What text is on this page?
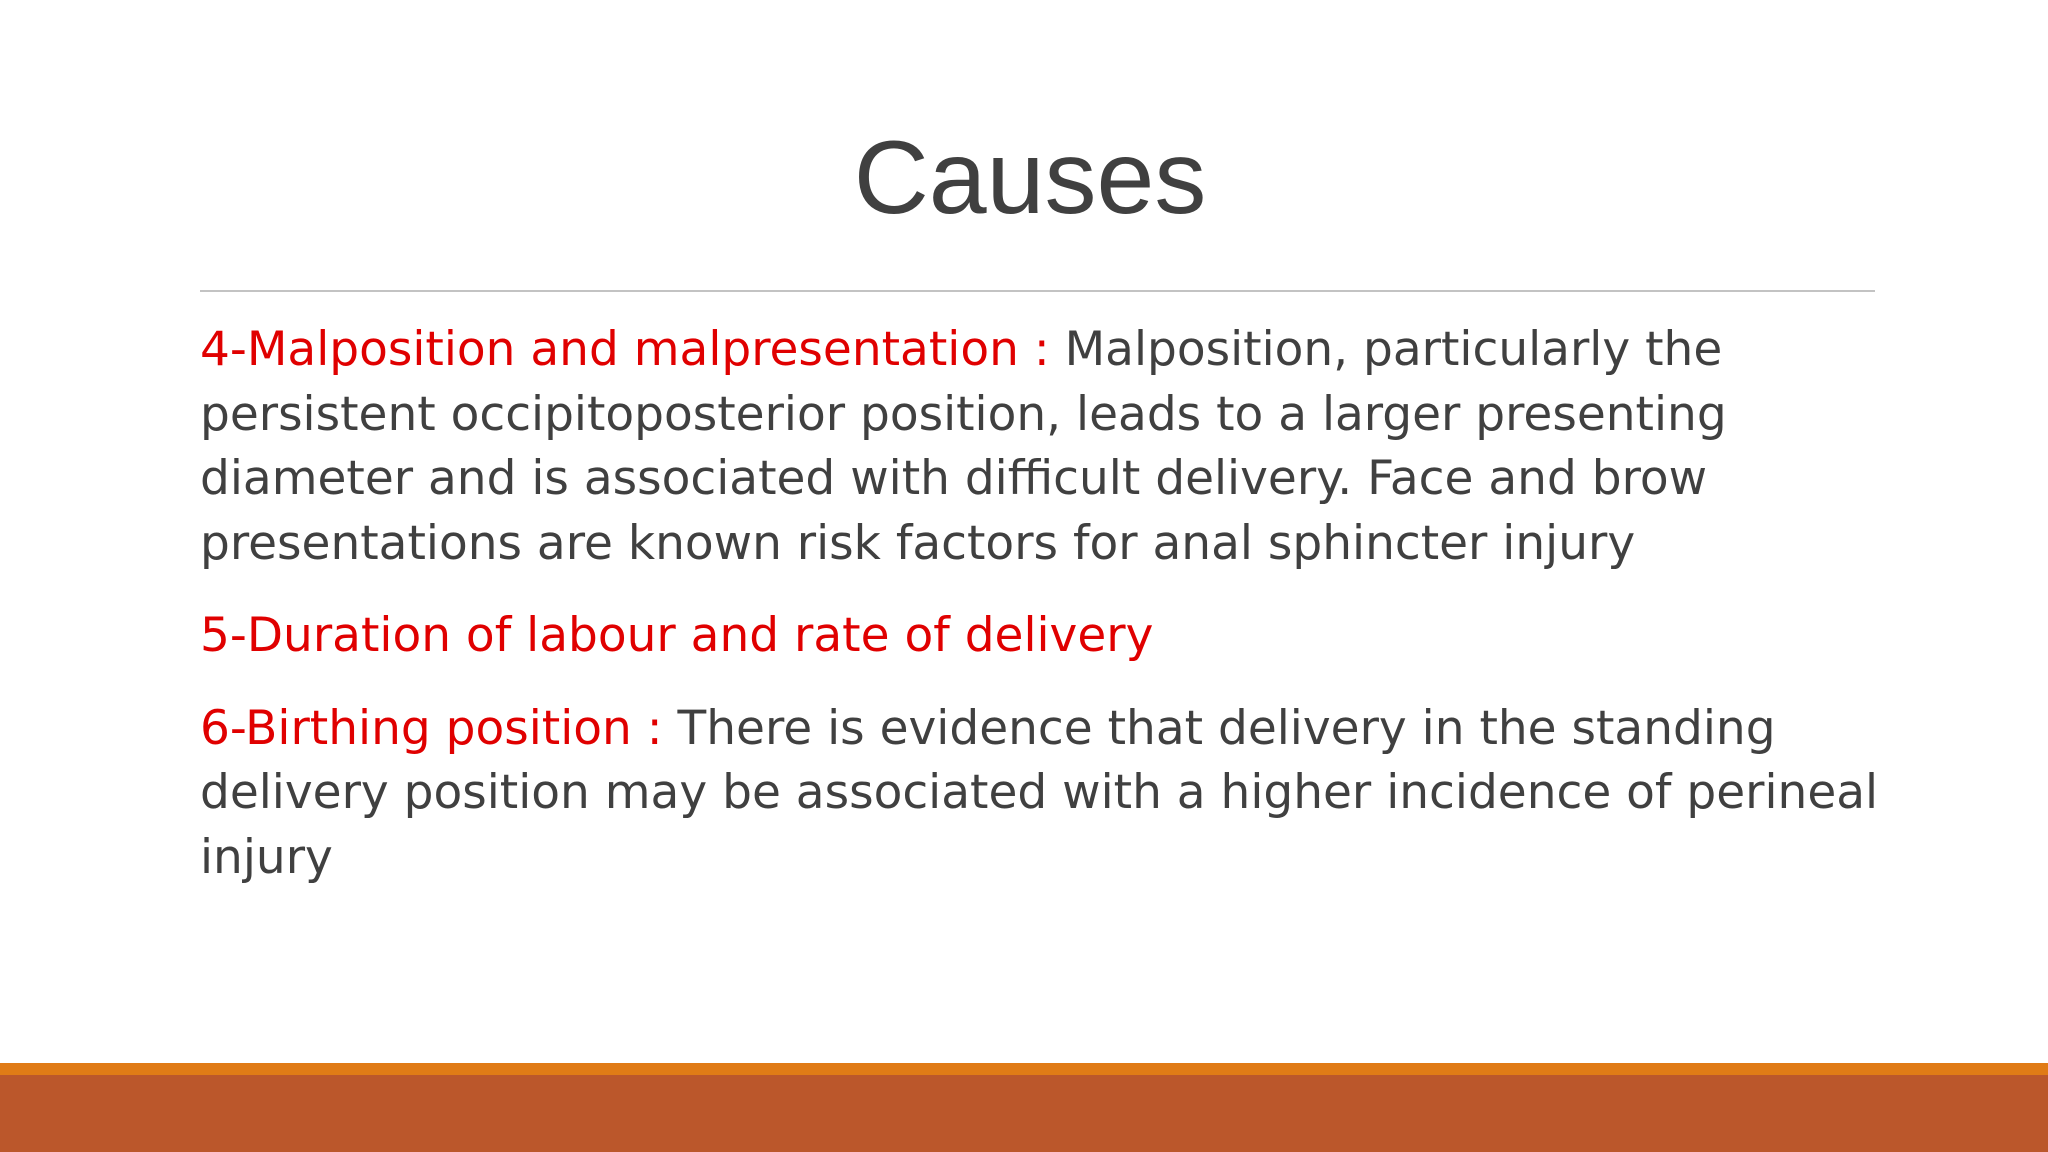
Causes

4-Malposition and malpresentation : Malposition, particularly the persistent occipitoposterior position, leads to a larger presenting diameter and is associated with difficult delivery. Face and brow presentations are known risk factors for anal sphincter injury

5-Duration of labour and rate of delivery

6-Birthing position : There is evidence that delivery in the standing delivery position may be associated with a higher incidence of perineal injury
